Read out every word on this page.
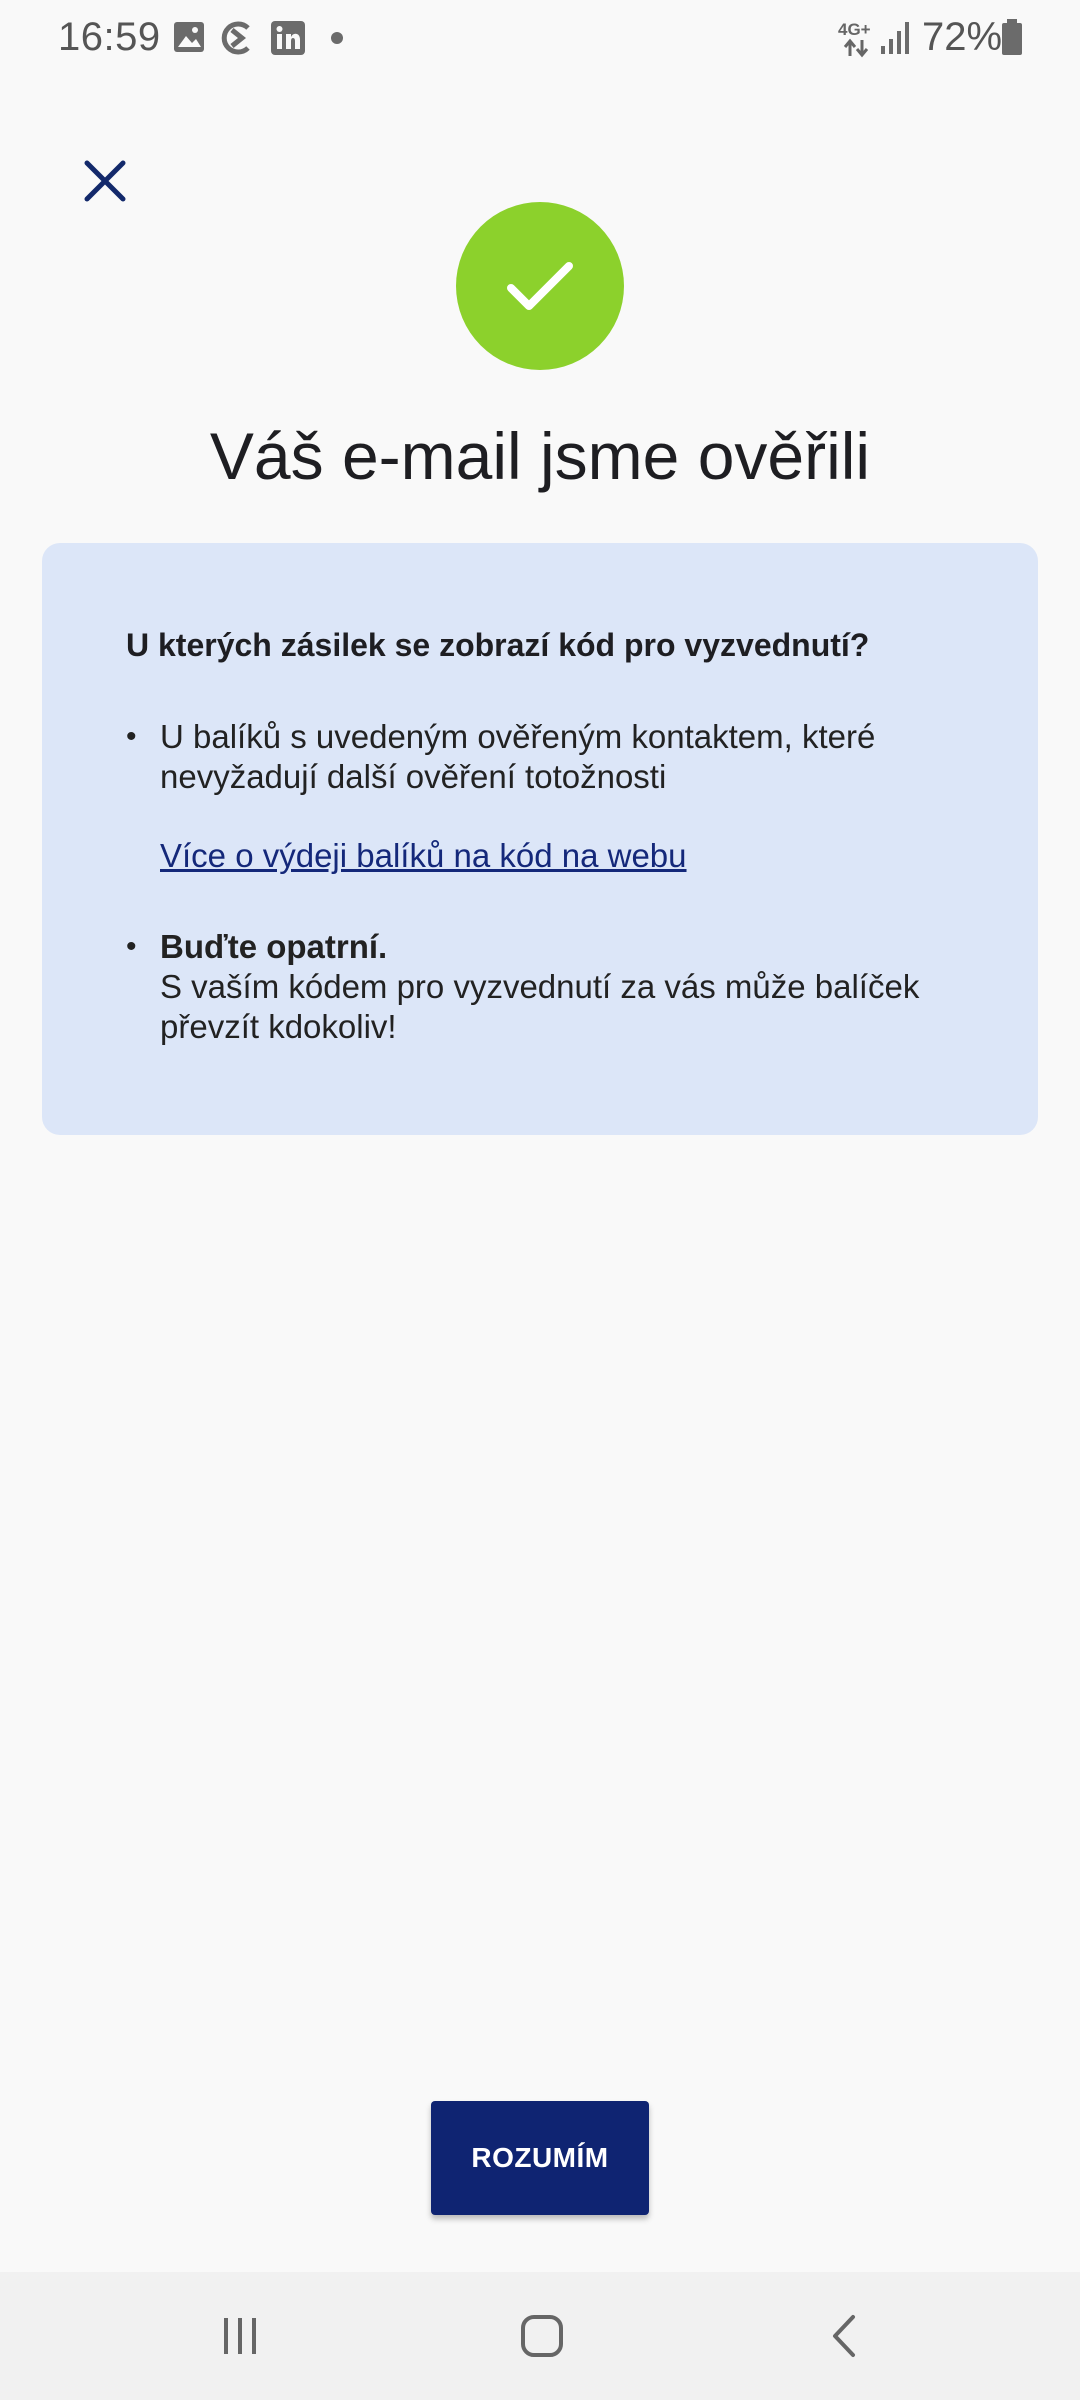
16:59	4G+ 72%
Váš e-mail jsme ověřili
U kterých zásilek se zobrazí kód pro vyzvednutí?
• U balíků s uvedeným ověřeným kontaktem, které nevyžadují další ověření totožnosti
Více o výdeji balíků na kód na webu
• Buďte opatrní.
S vaším kódem pro vyzvednutí za vás může balíček převzít kdokoliv!
ROZUMÍM
